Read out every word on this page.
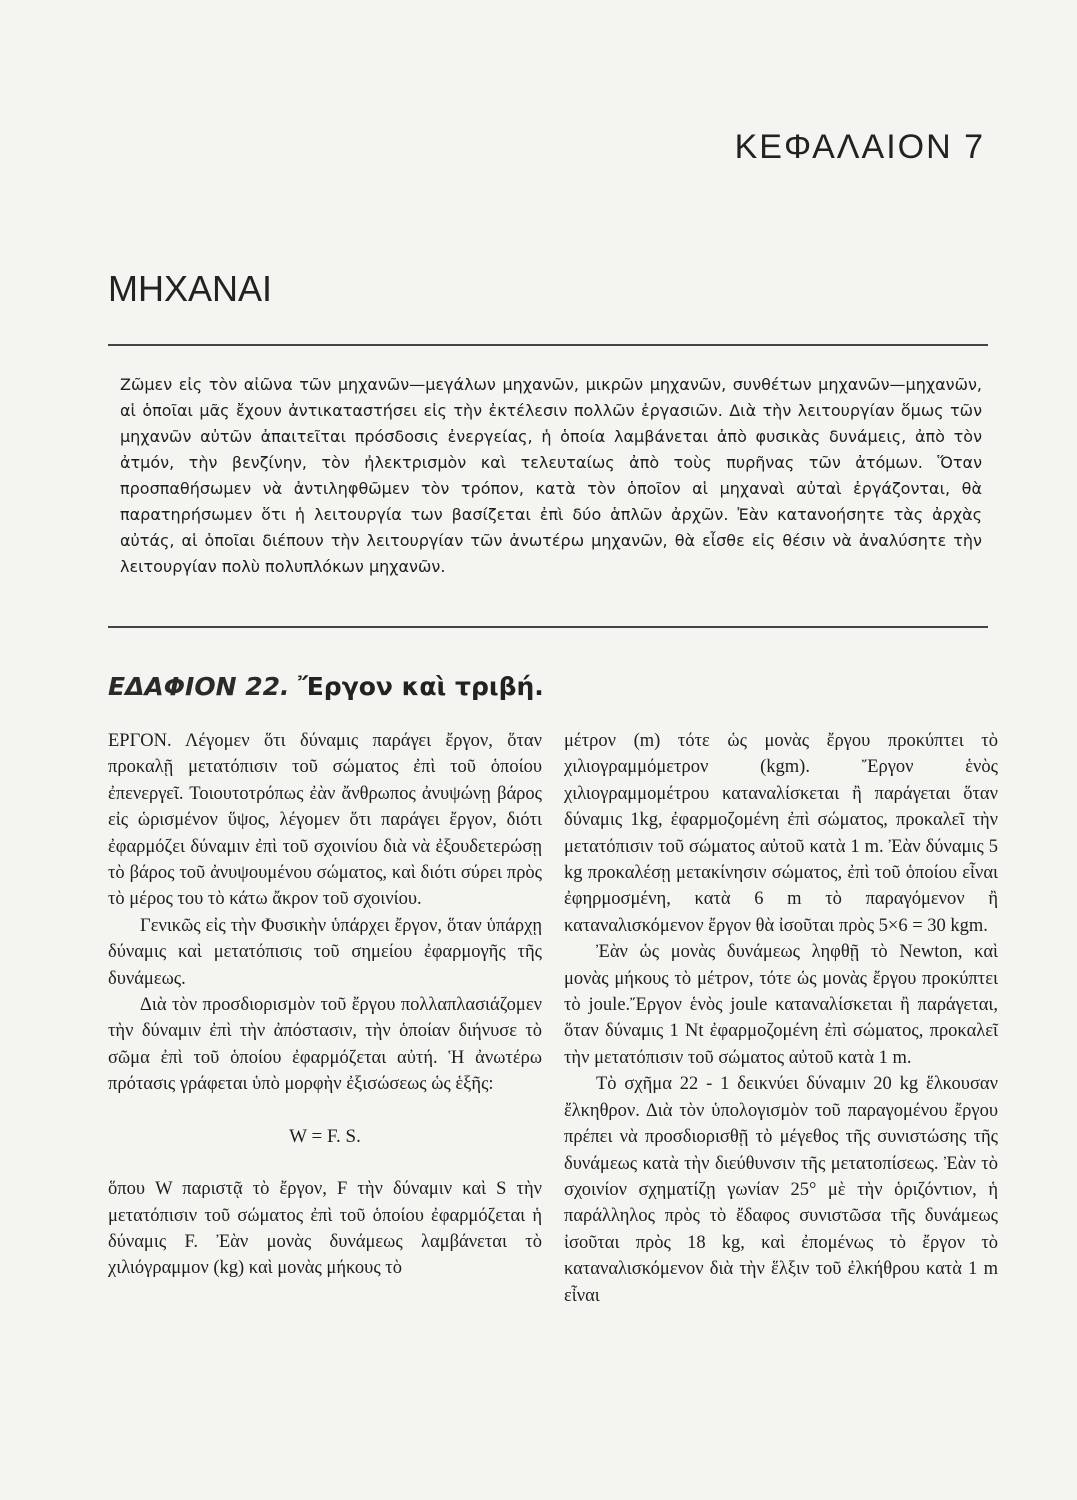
ΚΕΦΑΛΑΙΟΝ 7
ΜΗΧΑΝΑΙ

Ζῶμεν εἰς τὸν αἰῶνα τῶν μηχανῶν—μεγάλων μηχανῶν, μικρῶν μηχανῶν, συνθέτων μηχανῶν—μηχανῶν, αἱ ὁποῖαι μᾶς ἔχουν ἀντικαταστήσει εἰς τὴν ἐκτέλεσιν πολλῶν ἐργασιῶν. Διὰ τὴν λειτουργίαν ὅμως τῶν μηχανῶν αὐτῶν ἀπαιτεῖται πρόσδοσις ἐνεργείας, ἡ ὁποία λαμβάνεται ἀπὸ φυσικὰς δυνάμεις, ἀπὸ τὸν ἀτμόν, τὴν βενζίνην, τὸν ἠλεκτρισμὸν καὶ τελευταίως ἀπὸ τοὺς πυρῆνας τῶν ἀτόμων. Ὅταν προσπαθήσωμεν νὰ ἀντιληφθῶμεν τὸν τρόπον, κατὰ τὸν ὁποῖον αἱ μηχαναὶ αὐταὶ ἐργάζονται, θὰ παρατηρήσωμεν ὅτι ἡ λειτουργία των βασίζεται ἐπὶ δύο ἁπλῶν ἀρχῶν. Ἐὰν κατανοήσητε τὰς ἀρχὰς αὐτάς, αἱ ὁποῖαι διέπουν τὴν λειτουργίαν τῶν ἀνωτέρω μηχανῶν, θὰ εἶσθε εἰς θέσιν νὰ ἀναλύσητε τὴν λειτουργίαν πολὺ πολυπλόκων μηχανῶν.

ΕΔΑΦΙΟΝ 22. Ἔργον καὶ τριβή.

ΕΡΓΟΝ. Λέγομεν ὅτι δύναμις παράγει ἔργον, ὅταν προκαλῇ μετατόπισιν τοῦ σώματος ἐπὶ τοῦ ὁποίου ἐπενεργεῖ. Τοιουτοτρόπως ἐὰν ἄνθρωπος ἀνυψώνῃ βάρος εἰς ὡρισμένον ὕψος, λέγομεν ὅτι παράγει ἔργον, διότι ἐφαρμόζει δύναμιν ἐπὶ τοῦ σχοινίου διὰ νὰ ἐξουδετερώσῃ τὸ βάρος τοῦ ἀνυψουμένου σώματος, καὶ διότι σύρει πρὸς τὸ μέρος του τὸ κάτω ἄκρον τοῦ σχοινίου.

Γενικῶς εἰς τὴν Φυσικὴν ὑπάρχει ἔργον, ὅταν ὑπάρχῃ δύναμις καὶ μετατόπισις τοῦ σημείου ἐφαρμογῆς τῆς δυνάμεως.

Διὰ τὸν προσδιορισμὸν τοῦ ἔργου πολλαπλασιάζομεν τὴν δύναμιν ἐπὶ τὴν ἀπόστασιν, τὴν ὁποίαν διήνυσε τὸ σῶμα ἐπὶ τοῦ ὁποίου ἐφαρμόζεται αὐτή. Ἡ ἀνωτέρω πρότασις γράφεται ὑπὸ μορφὴν ἐξισώσεως ὡς ἑξῆς:

W = F. S.

ὅπου W παριστᾷ τὸ ἔργον, F τὴν δύναμιν καὶ S τὴν μετατόπισιν τοῦ σώματος ἐπὶ τοῦ ὁποίου ἐφαρμόζεται ἡ δύναμις F. Ἐὰν μονὰς δυνάμεως λαμβάνεται τὸ χιλιόγραμμον (kg) καὶ μονὰς μήκους τὸ

μέτρον (m) τότε ὡς μονὰς ἔργου προκύπτει τὸ χιλιογραμμόμετρον (kgm). Ἔργον ἑνὸς χιλιογραμμομέτρου καταναλίσκεται ἢ παράγεται ὅταν δύναμις 1kg, ἐφαρμοζομένη ἐπὶ σώματος, προκαλεῖ τὴν μετατόπισιν τοῦ σώματος αὐτοῦ κατὰ 1 m. Ἐὰν δύναμις 5 kg προκαλέσῃ μετακίνησιν σώματος, ἐπὶ τοῦ ὁποίου εἶναι ἐφηρμοσμένη, κατὰ 6 m τὸ παραγόμενον ἢ καταναλισκόμενον ἔργον θὰ ἰσοῦται πρὸς 5×6 = 30 kgm.

Ἐὰν ὡς μονὰς δυνάμεως ληφθῇ τὸ Newton, καὶ μονὰς μήκους τὸ μέτρον, τότε ὡς μονὰς ἔργου προκύπτει τὸ joule.Ἔργον ἑνὸς joule καταναλίσκεται ἢ παράγεται, ὅταν δύναμις 1 Nt ἐφαρμοζομένη ἐπὶ σώματος, προκαλεῖ τὴν μετατόπισιν τοῦ σώματος αὐτοῦ κατὰ 1 m.

Τὸ σχῆμα 22 - 1 δεικνύει δύναμιν 20 kg ἕλκουσαν ἔλκηθρον. Διὰ τὸν ὑπολογισμὸν τοῦ παραγομένου ἔργου πρέπει νὰ προσδιορισθῇ τὸ μέγεθος τῆς συνιστώσης τῆς δυνάμεως κατὰ τὴν διεύθυνσιν τῆς μετατοπίσεως. Ἐὰν τὸ σχοινίον σχηματίζῃ γωνίαν 25° μὲ τὴν ὁριζόντιον, ἡ παράλληλος πρὸς τὸ ἔδαφος συνιστῶσα τῆς δυνάμεως ἰσοῦται πρὸς 18 kg, καὶ ἐπομένως τὸ ἔργον τὸ καταναλισκόμενον διὰ τὴν ἕλξιν τοῦ ἐλκήθρου κατὰ 1 m εἶναι
